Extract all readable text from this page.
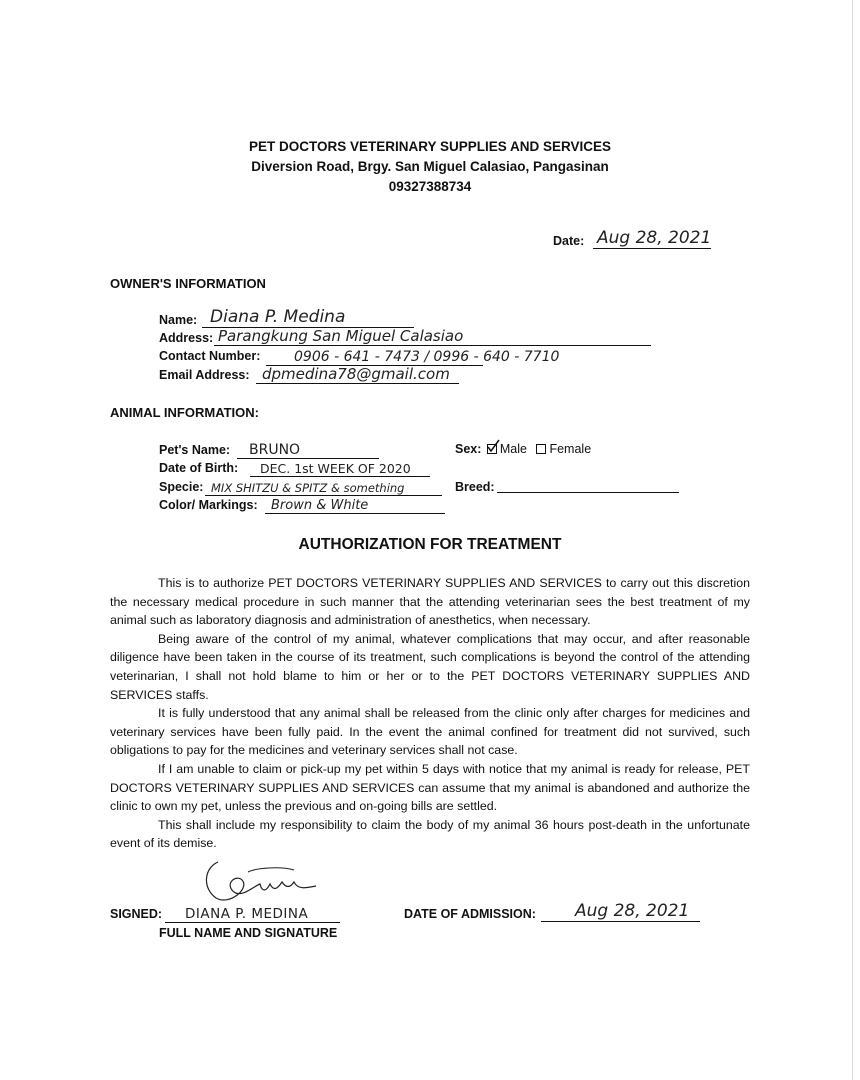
PET DOCTORS VETERINARY SUPPLIES AND SERVICES
Diversion Road, Brgy. San Miguel Calasiao, Pangasinan
09327388734
Date: Aug 28, 2021
OWNER'S INFORMATION
Name: Diana P. Medina
Address: Parangkung San Miguel Calasiao
Contact Number: 0906 - 641 - 7473 / 0996 - 640 - 7710
Email Address: dpmedina78@gmail.com
ANIMAL INFORMATION:
Pet's Name: BRUNO	Sex: Male Female
Date of Birth: DEC. 1st WEEK OF 2020
Specie: MIX SHITZU & SPITZ & something	Breed:
Color/ Markings: Brown & White
AUTHORIZATION FOR TREATMENT

This is to authorize PET DOCTORS VETERINARY SUPPLIES AND SERVICES to carry out this discretion the necessary medical procedure in such manner that the attending veterinarian sees the best treatment of my animal such as laboratory diagnosis and administration of anesthetics, when necessary.

Being aware of the control of my animal, whatever complications that may occur, and after reasonable diligence have been taken in the course of its treatment, such complications is beyond the control of the attending veterinarian, I shall not hold blame to him or her or to the PET DOCTORS VETERINARY SUPPLIES AND SERVICES staffs.

It is fully understood that any animal shall be released from the clinic only after charges for medicines and veterinary services have been fully paid. In the event the animal confined for treatment did not survived, such obligations to pay for the medicines and veterinary services shall not case.

If I am unable to claim or pick-up my pet within 5 days with notice that my animal is ready for release, PET DOCTORS VETERINARY SUPPLIES AND SERVICES can assume that my animal is abandoned and authorize the clinic to own my pet, unless the previous and on-going bills are settled.

This shall include my responsibility to claim the body of my animal 36 hours post-death in the unfortunate event of its demise.

SIGNED: DIANA P. MEDINA
FULL NAME AND SIGNATURE
DATE OF ADMISSION: Aug 28, 2021
